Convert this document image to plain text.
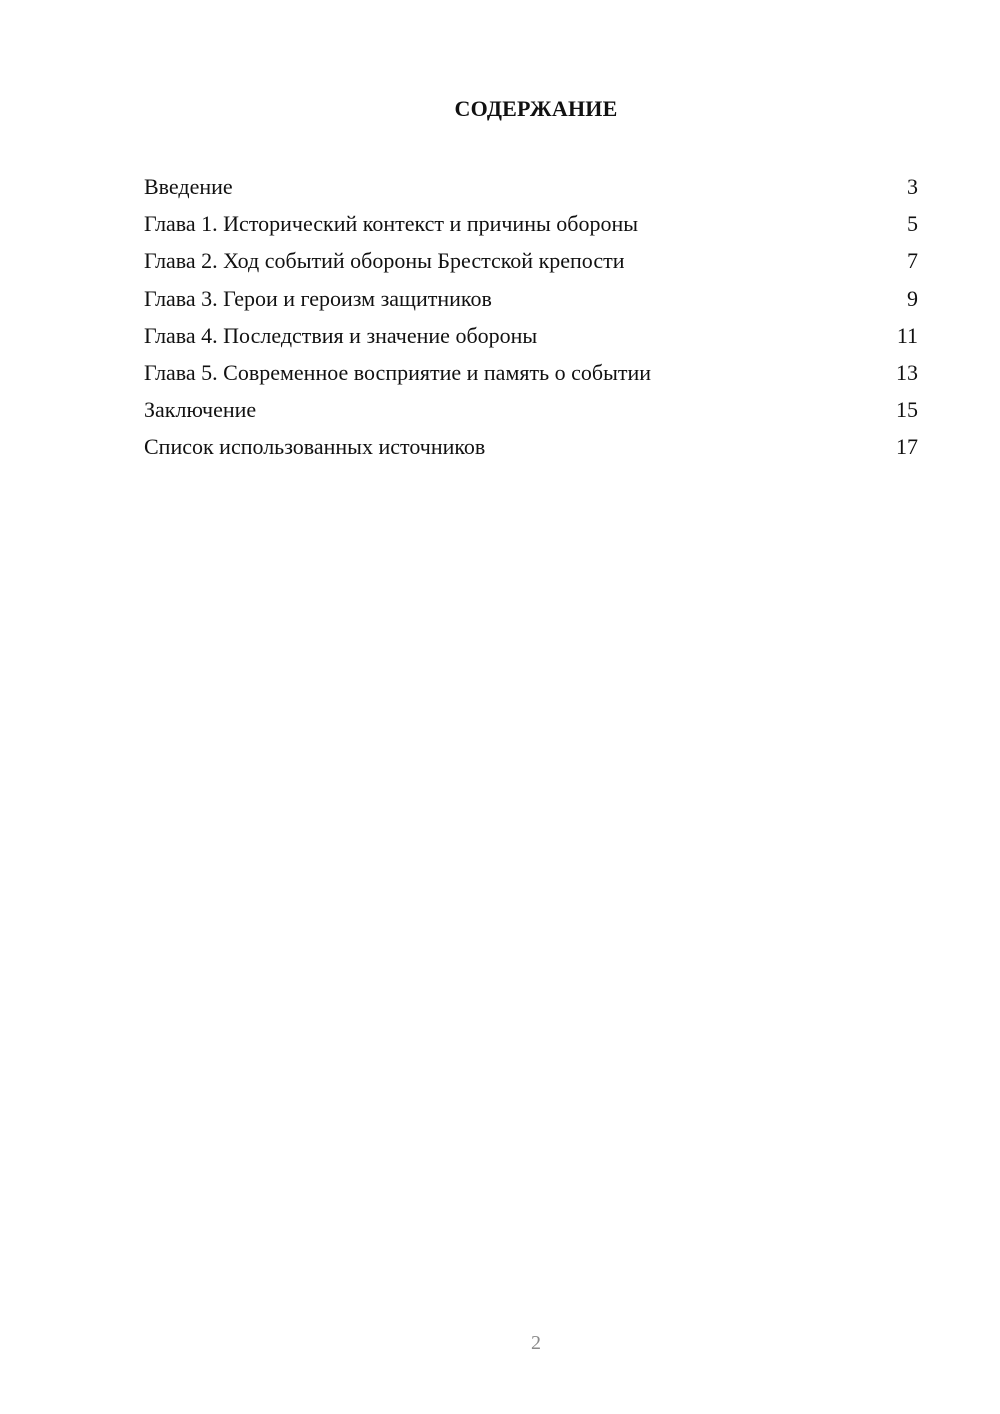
СОДЕРЖАНИЕ
Введение	3
Глава 1. Исторический контекст и причины обороны	5
Глава 2. Ход событий обороны Брестской крепости	7
Глава 3. Герои и героизм защитников	9
Глава 4. Последствия и значение обороны	11
Глава 5. Современное восприятие и память о событии	13
Заключение	15
Список использованных источников	17
2
